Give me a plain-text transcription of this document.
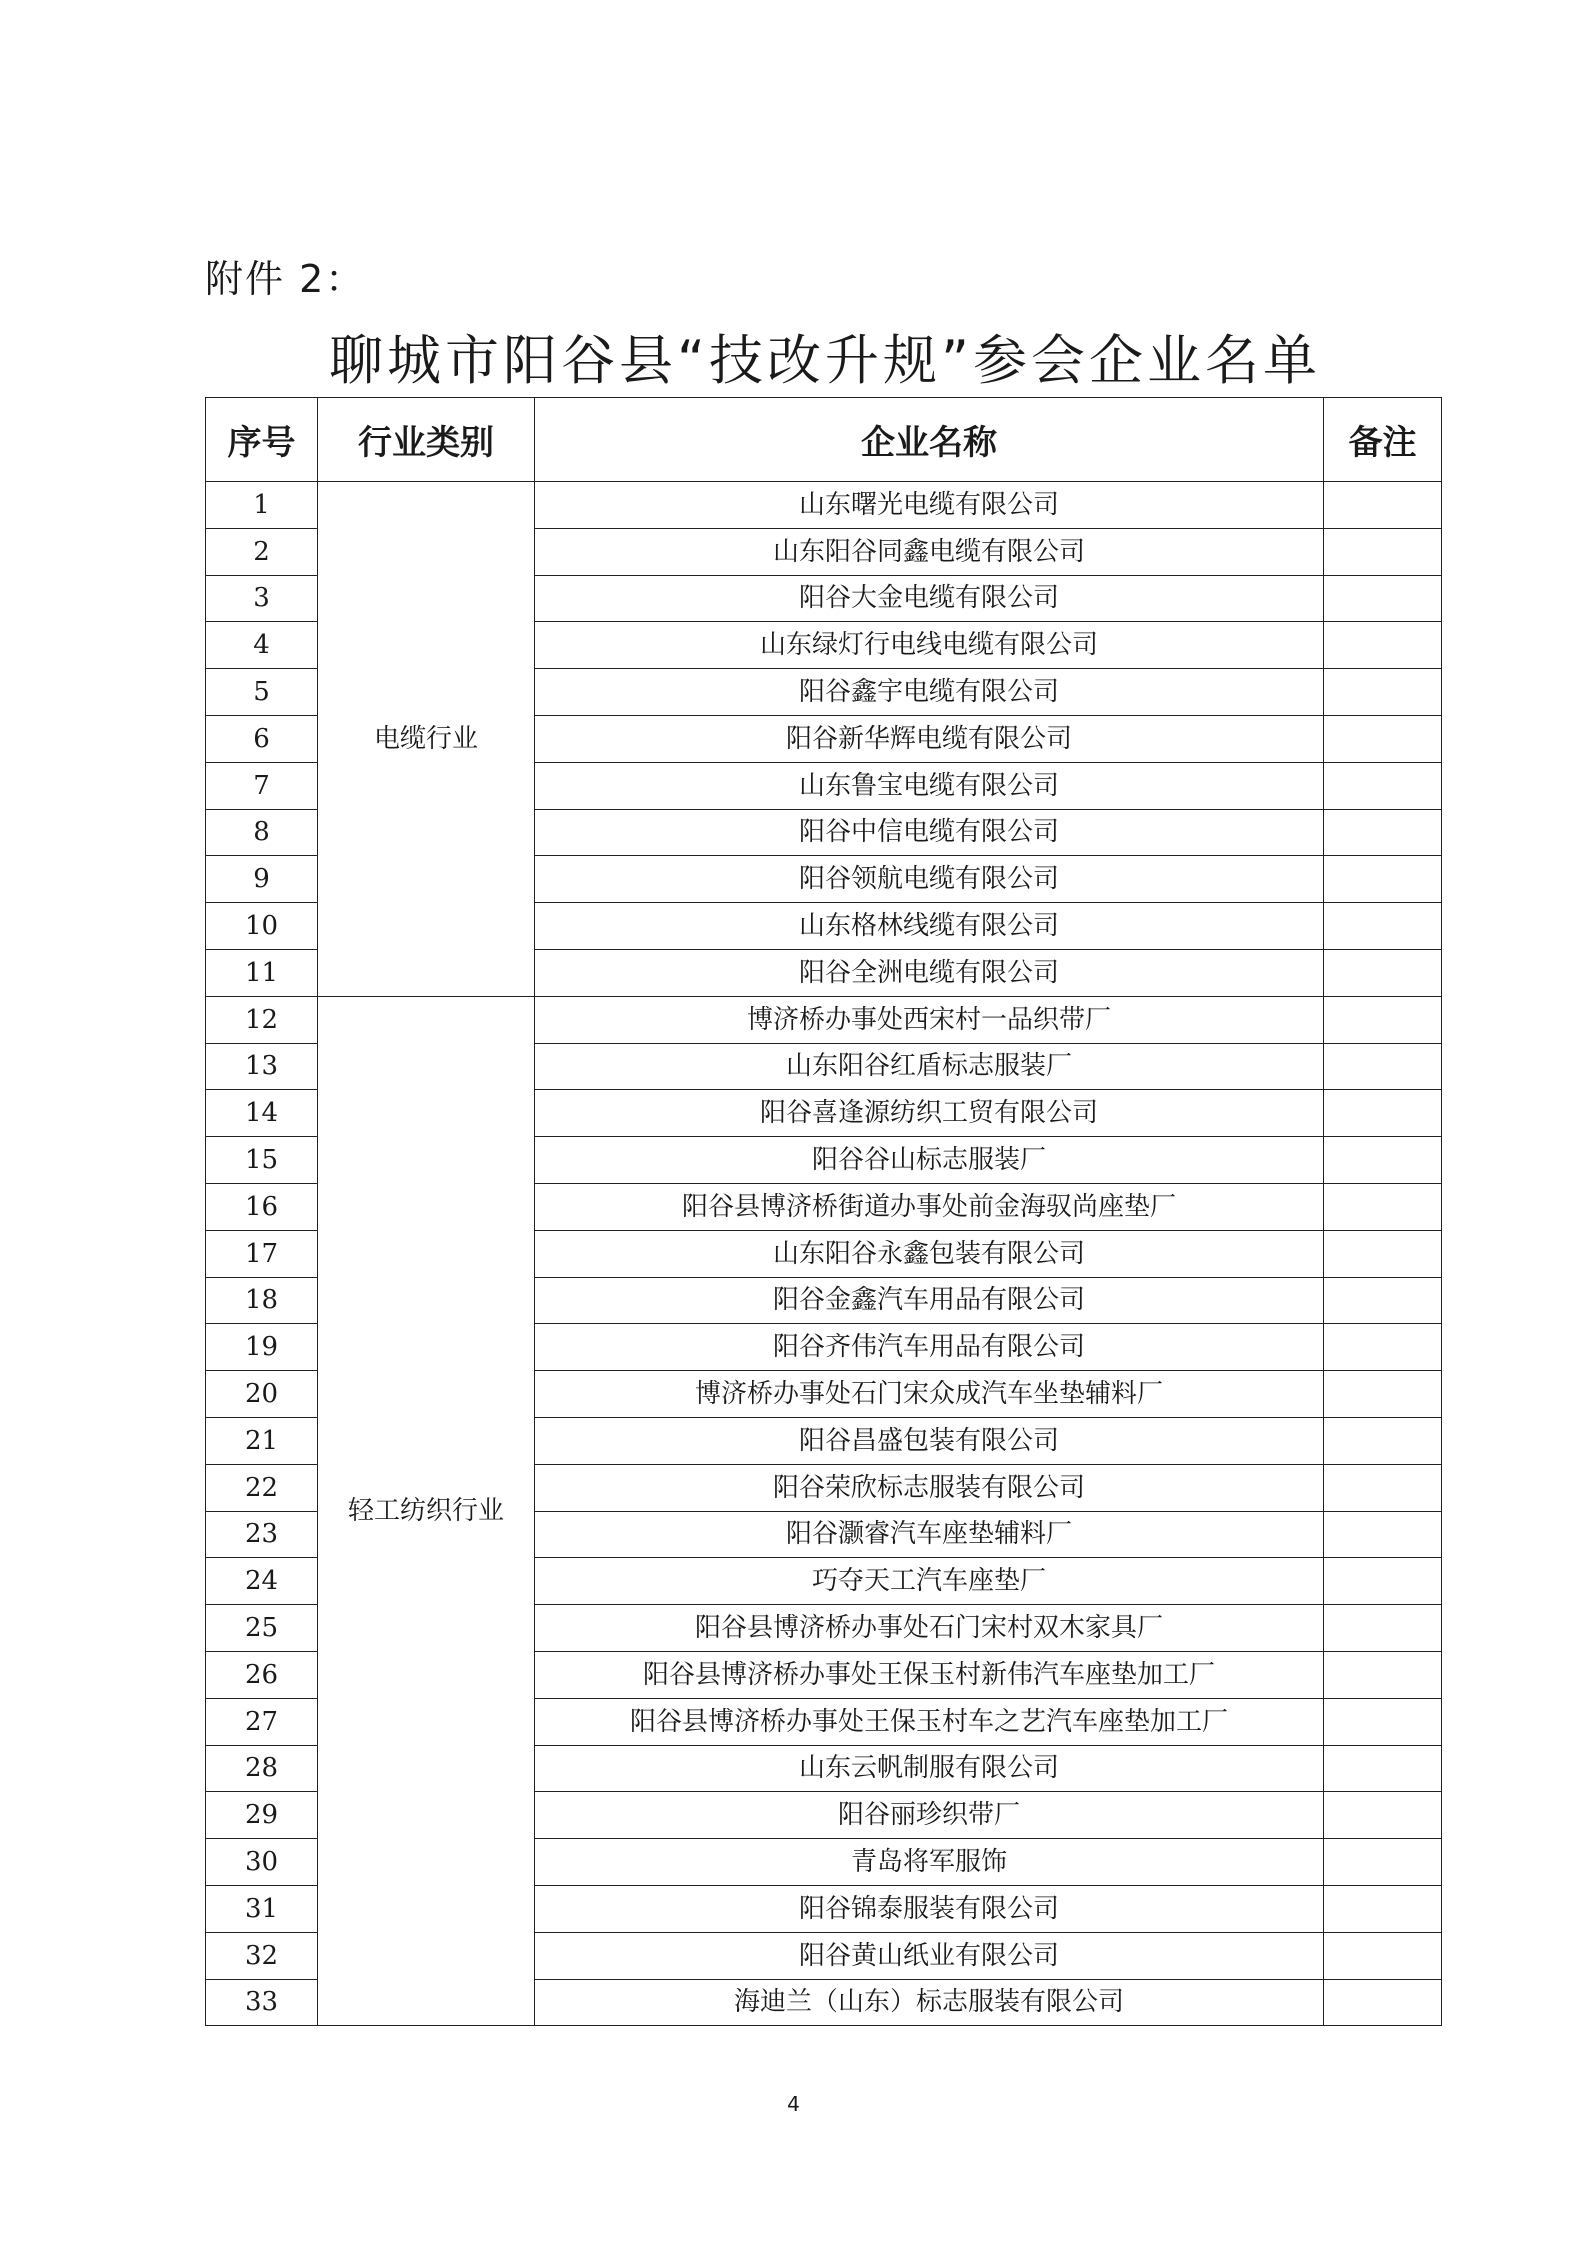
附件 2：
聊城市阳谷县“技改升规”参会企业名单
序号	行业类别	企业名称	备注
1	电缆行业	山东曙光电缆有限公司	
2		山东阳谷同鑫电缆有限公司	
3		阳谷大金电缆有限公司	
4		山东绿灯行电线电缆有限公司	
5		阳谷鑫宇电缆有限公司	
6		阳谷新华辉电缆有限公司	
7		山东鲁宝电缆有限公司	
8		阳谷中信电缆有限公司	
9		阳谷领航电缆有限公司	
10		山东格林线缆有限公司	
11		阳谷全洲电缆有限公司	
12	轻工纺织行业	博济桥办事处西宋村一品织带厂	
13		山东阳谷红盾标志服装厂	
14		阳谷喜逢源纺织工贸有限公司	
15		阳谷谷山标志服装厂	
16		阳谷县博济桥街道办事处前金海驭尚座垫厂	
17		山东阳谷永鑫包装有限公司	
18		阳谷金鑫汽车用品有限公司	
19		阳谷齐伟汽车用品有限公司	
20		博济桥办事处石门宋众成汽车坐垫辅料厂	
21		阳谷昌盛包装有限公司	
22		阳谷荣欣标志服装有限公司	
23		阳谷灏睿汽车座垫辅料厂	
24		巧夺天工汽车座垫厂	
25		阳谷县博济桥办事处石门宋村双木家具厂	
26		阳谷县博济桥办事处王保玉村新伟汽车座垫加工厂	
27		阳谷县博济桥办事处王保玉村车之艺汽车座垫加工厂	
28		山东云帆制服有限公司	
29		阳谷丽珍织带厂	
30		青岛将军服饰	
31		阳谷锦泰服装有限公司	
32		阳谷黄山纸业有限公司	
33		海迪兰（山东）标志服装有限公司	
4
